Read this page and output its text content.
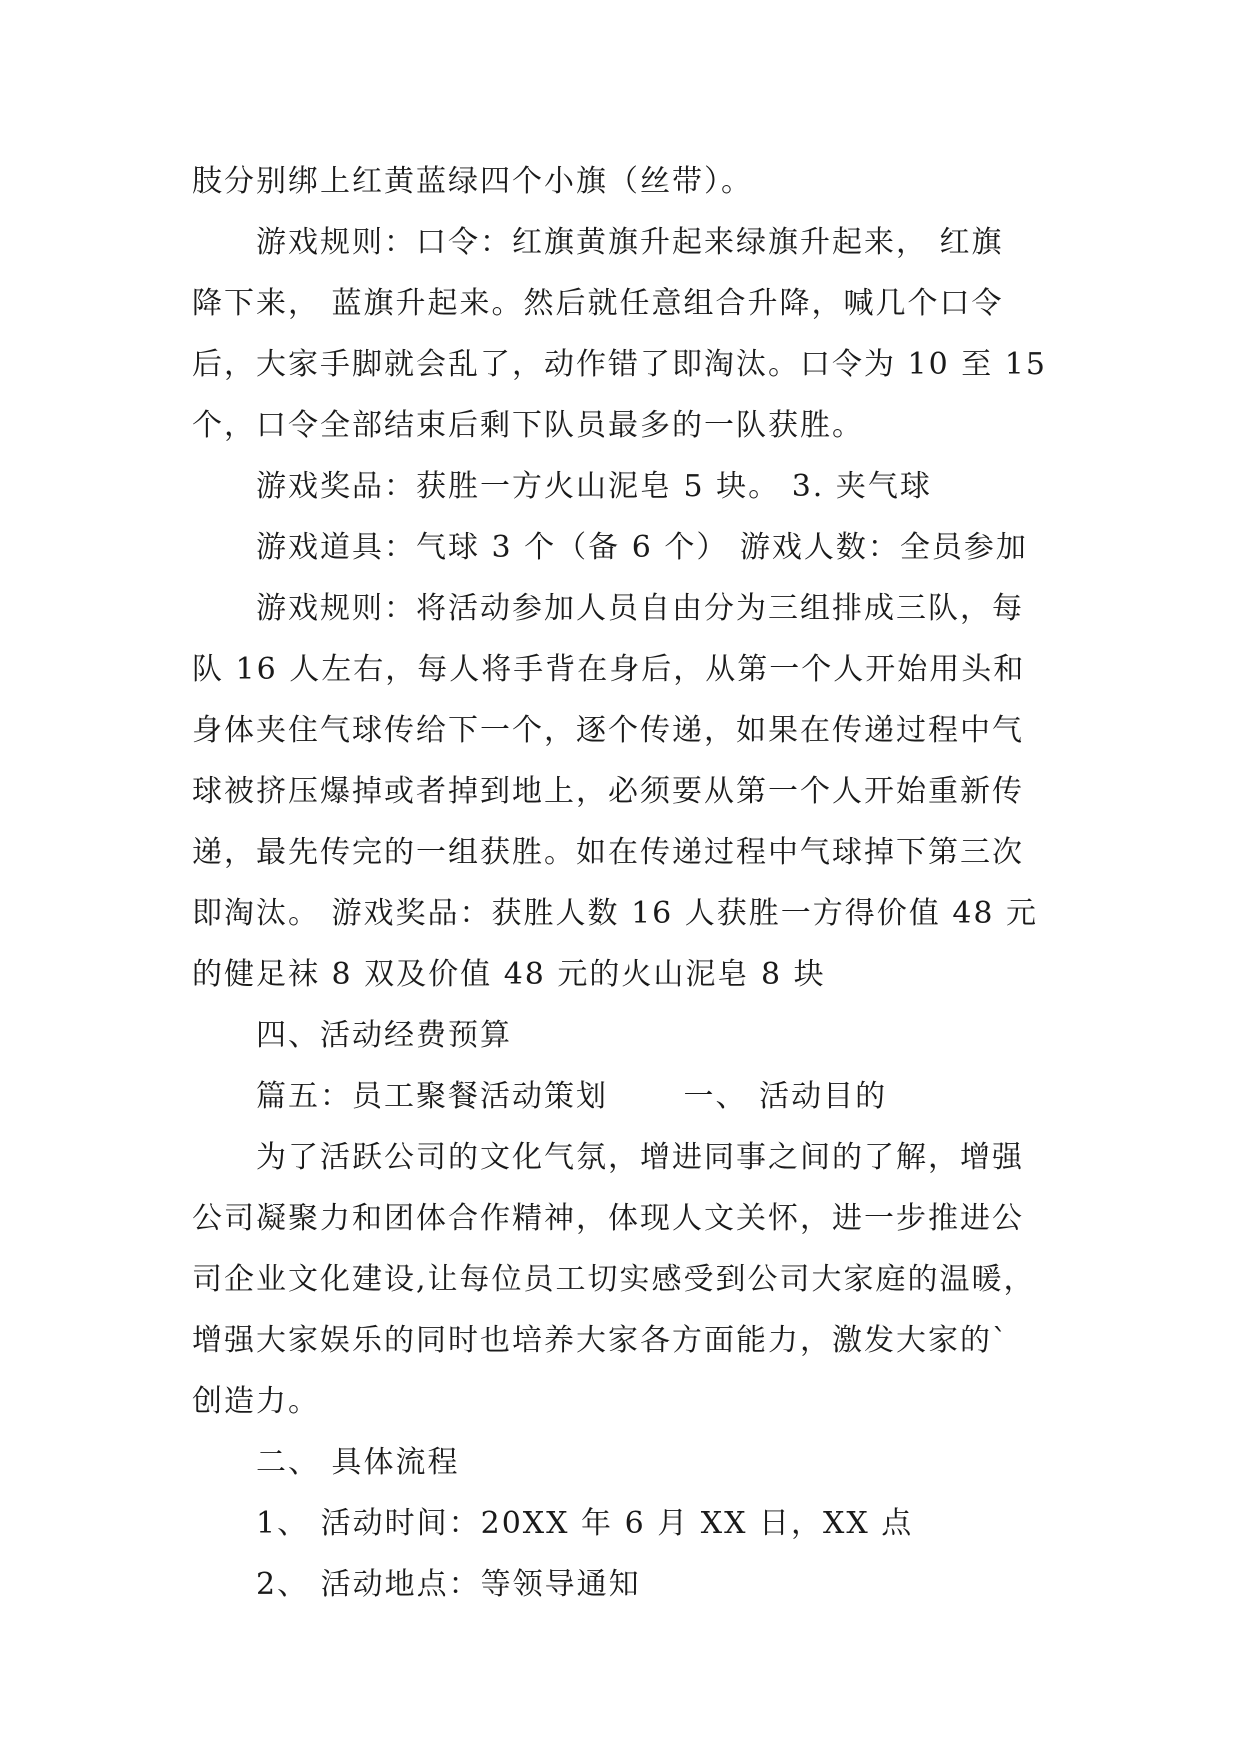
肢分别绑上红黄蓝绿四个小旗（丝带）。
游戏规则：口令：红旗黄旗升起来绿旗升起来， 红旗
降下来， 蓝旗升起来。然后就任意组合升降，喊几个口令
后，大家手脚就会乱了，动作错了即淘汰。口令为 10 至 15
个，口令全部结束后剩下队员最多的一队获胜。
游戏奖品：获胜一方火山泥皂 5 块。 3. 夹气球
游戏道具：气球 3 个（备 6 个） 游戏人数：全员参加
游戏规则：将活动参加人员自由分为三组排成三队，每
队 16 人左右，每人将手背在身后，从第一个人开始用头和
身体夹住气球传给下一个，逐个传递，如果在传递过程中气
球被挤压爆掉或者掉到地上，必须要从第一个人开始重新传
递，最先传完的一组获胜。如在传递过程中气球掉下第三次
即淘汰。 游戏奖品：获胜人数 16 人获胜一方得价值 48 元
的健足袜 8 双及价值 48 元的火山泥皂 8 块
四、活动经费预算
篇五：员工聚餐活动策划　　 一、 活动目的
为了活跃公司的文化气氛，增进同事之间的了解，增强
公司凝聚力和团体合作精神，体现人文关怀，进一步推进公
司企业文化建设,让每位员工切实感受到公司大家庭的温暖，
增强大家娱乐的同时也培养大家各方面能力，激发大家的`
创造力。
二、 具体流程
1、 活动时间：20XX 年 6 月 XX 日，XX 点
2、 活动地点：等领导通知
